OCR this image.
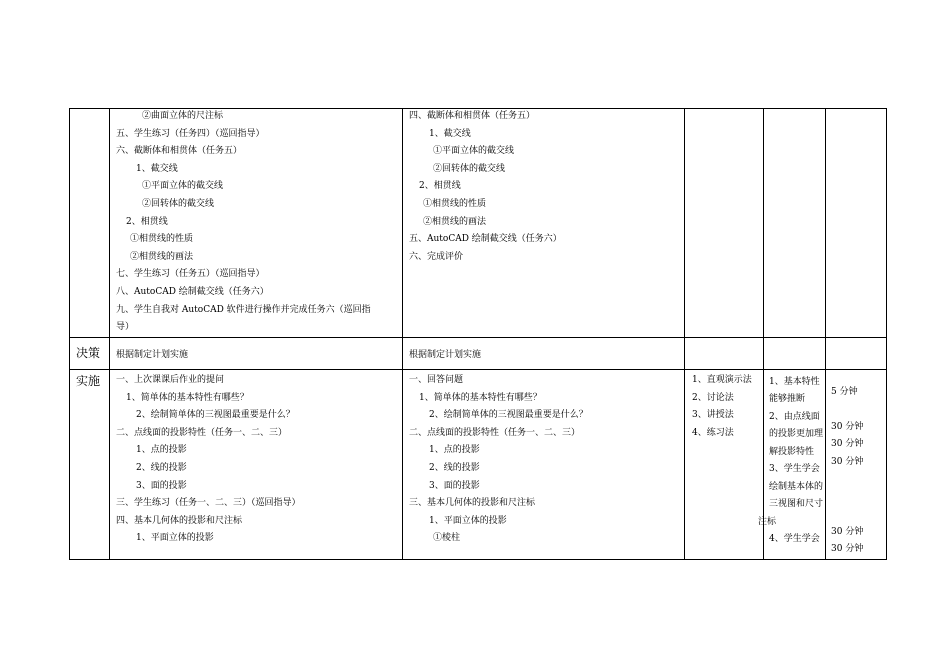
②曲面立体的尺注标
五、学生练习（任务四）（巡回指导）
六、截断体和相贯体（任务五）
1、截交线
①平面立体的截交线
②回转体的截交线
2、相贯线
①相贯线的性质
②相贯线的画法
七、学生练习（任务五）（巡回指导）
八、AutoCAD 绘制截交线（任务六）
九、学生自我对 AutoCAD 软件进行操作并完成任务六（巡回指
导）
四、截断体和相贯体（任务五）
1、截交线
①平面立体的截交线
②回转体的截交线
2、相贯线
①相贯线的性质
②相贯线的画法
五、AutoCAD 绘制截交线（任务六）
六、完成评价
决策 根据制定计划实施	根据制定计划实施
实施 一、上次课课后作业的提问
1、简单体的基本特性有哪些？
2、绘制简单体的三视图最重要是什么？
二、点线面的投影特性（任务一、二、三）
1、点的投影
2、线的投影
3、面的投影
三、学生练习（任务一、二、三）（巡回指导）
四、基本几何体的投影和尺注标
1、平面立体的投影
一、回答问题
1、简单体的基本特性有哪些？
2、绘制简单体的三视图最重要是什么？
二、点线面的投影特性（任务一、二、三）
1、点的投影
2、线的投影
3、面的投影
三、基本几何体的投影和尺注标
1、平面立体的投影
①棱柱
1、直观演示法
2、讨论法
3、讲授法
4、练习法
1、基本特性
能够推断
2、由点线面
的投影更加理
解投影特性
3、学生学会
绘制基本体的
三视图和尺寸
注标
4、学生学会
5 分钟
30 分钟
30 分钟
30 分钟
30 分钟
30 分钟
